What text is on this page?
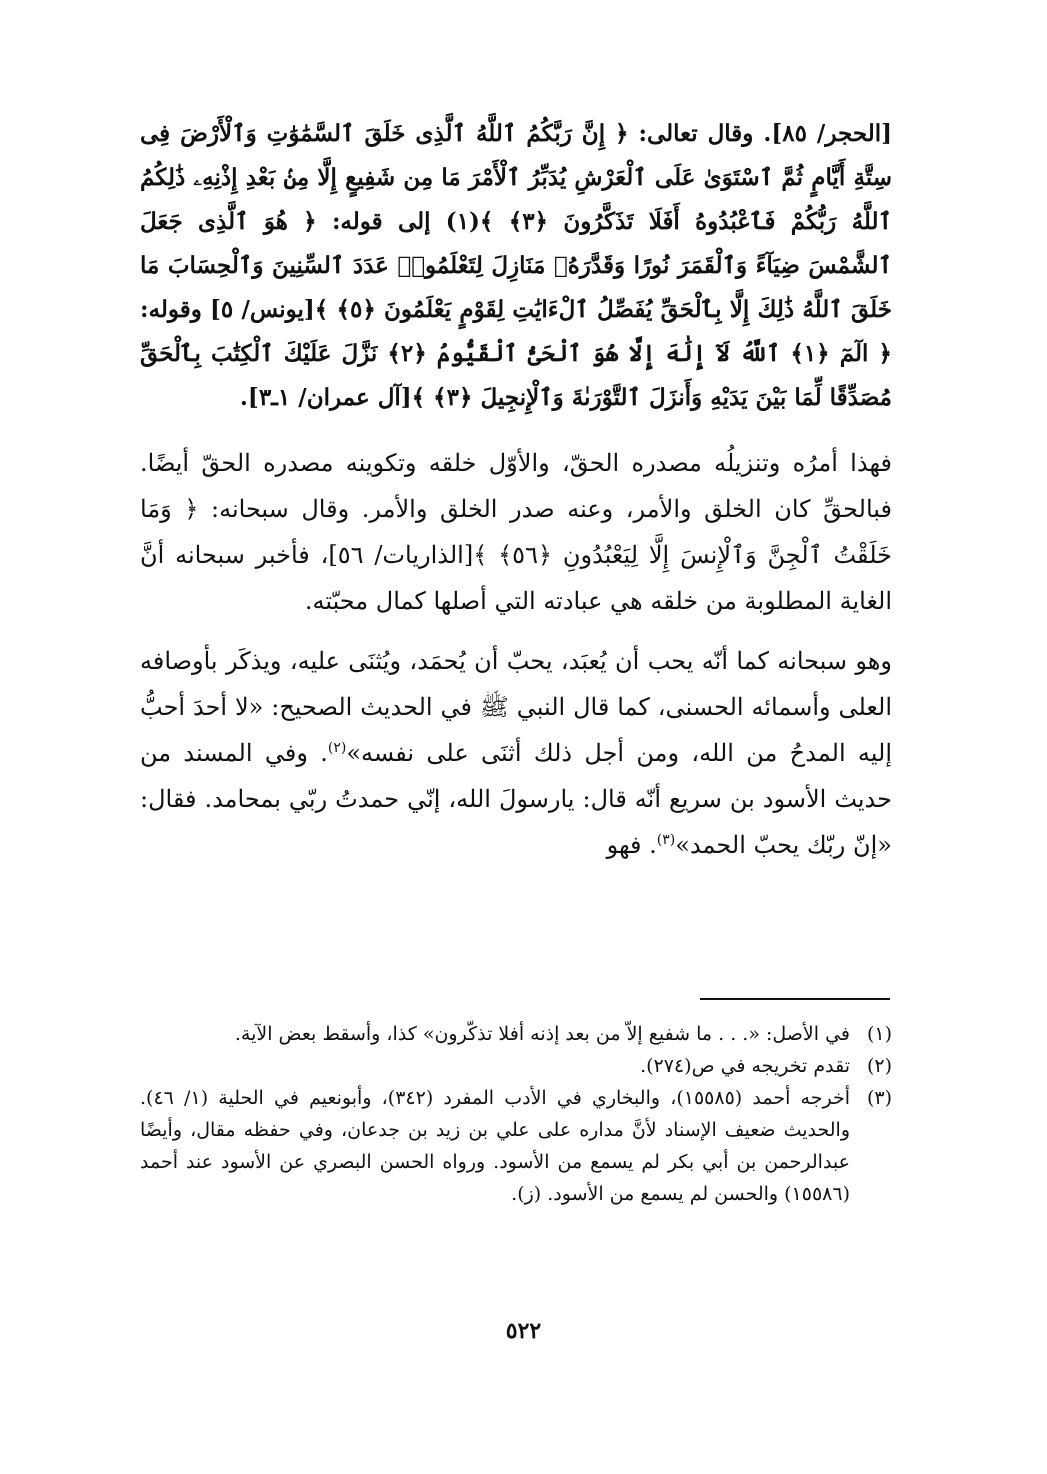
[الحجر/ ٨٥]. وقال تعالى: ﴿ إِنَّ رَبَّكُمُ ٱللَّهُ ٱلَّذِى خَلَقَ ٱلسَّمَٰوَٰتِ وَٱلْأَرْضَ فِى سِتَّةِ أَيَّامٍ ثُمَّ ٱسْتَوَىٰ عَلَى ٱلْعَرْشِ يُدَبِّرُ ٱلْأَمْرَ مَا مِن شَفِيعٍ إِلَّا مِنۢ بَعْدِ إِذْنِهِۦ ذَٰلِكُمُ ٱللَّهُ رَبُّكُمْ فَٱعْبُدُوهُ أَفَلَا تَذَكَّرُونَ ﴿٣﴾ ﴾(١) إلى قوله: ﴿ هُوَ ٱلَّذِى جَعَلَ ٱلشَّمْسَ ضِيَآءً وَٱلْقَمَرَ نُورًا وَقَدَّرَهُۥ مَنَازِلَ لِتَعْلَمُوا۟ عَدَدَ ٱلسِّنِينَ وَٱلْحِسَابَ مَا خَلَقَ ٱللَّهُ ذَٰلِكَ إِلَّا بِٱلْحَقِّ يُفَصِّلُ ٱلْءَايَٰتِ لِقَوْمٍ يَعْلَمُونَ ﴿٥﴾ ﴾[يونس/ ٥] وقوله: ﴿ الٓمٓ ﴿١﴾ ٱللَّهُ لَآ إِلَٰهَ إِلَّا هُوَ ٱلْحَىُّ ٱلْقَيُّومُ ﴿٢﴾ نَزَّلَ عَلَيْكَ ٱلْكِتَٰبَ بِٱلْحَقِّ مُصَدِّقًا لِّمَا بَيْنَ يَدَيْهِ وَأَنزَلَ ٱلتَّوْرَىٰةَ وَٱلْإِنجِيلَ ﴿٣﴾ ﴾[آل عمران/ ١ـ٣].

فهذا أمرُه وتنزيلُه مصدره الحقّ، والأوّل خلقه وتكوينه مصدره الحقّ أيضًا. فبالحقِّ كان الخلق والأمر، وعنه صدر الخلق والأمر. وقال سبحانه: ﴿ وَمَا خَلَقْتُ ٱلْجِنَّ وَٱلْإِنسَ إِلَّا لِيَعْبُدُونِ ﴿٥٦﴾ ﴾[الذاريات/ ٥٦]، فأخبر سبحانه أنَّ الغاية المطلوبة من خلقه هي عبادته التي أصلها كمال محبّته.

وهو سبحانه كما أنّه يحب أن يُعبَد، يحبّ أن يُحمَد، ويُثنَى عليه، ويذكَر بأوصافه العلى وأسمائه الحسنى، كما قال النبي ﷺ في الحديث الصحيح: «لا أحدَ أحبُّ إليه المدحُ من الله، ومن أجل ذلك أثنَى على نفسه»$^{(٢)}$. وفي المسند من حديث الأسود بن سريع أنّه قال: يارسولَ الله، إنّي حمدتُ ربّي بمحامد. فقال: «إنّ ربّك يحبّ الحمد»$^{(٣)}$. فهو

(١)
في الأصل: «. . . ما شفيع إلاّ من بعد إذنه أفلا تذكّرون» كذا، وأسقط بعض الآية.
(٢)
تقدم تخريجه في ص(٢٧٤).
(٣)
أخرجه أحمد (١٥٥٨٥)، والبخاري في الأدب المفرد (٣٤٢)، وأبونعيم في الحلية (١/ ٤٦). والحديث ضعيف الإسناد لأنَّ مداره على علي بن زيد بن جدعان، وفي حفظه مقال، وأيضًا عبدالرحمن بن أبي بكر لم يسمع من الأسود. ورواه الحسن البصري عن الأسود عند أحمد (١٥٥٨٦) والحسن لم يسمع من الأسود. (ز).
٥٢٢
